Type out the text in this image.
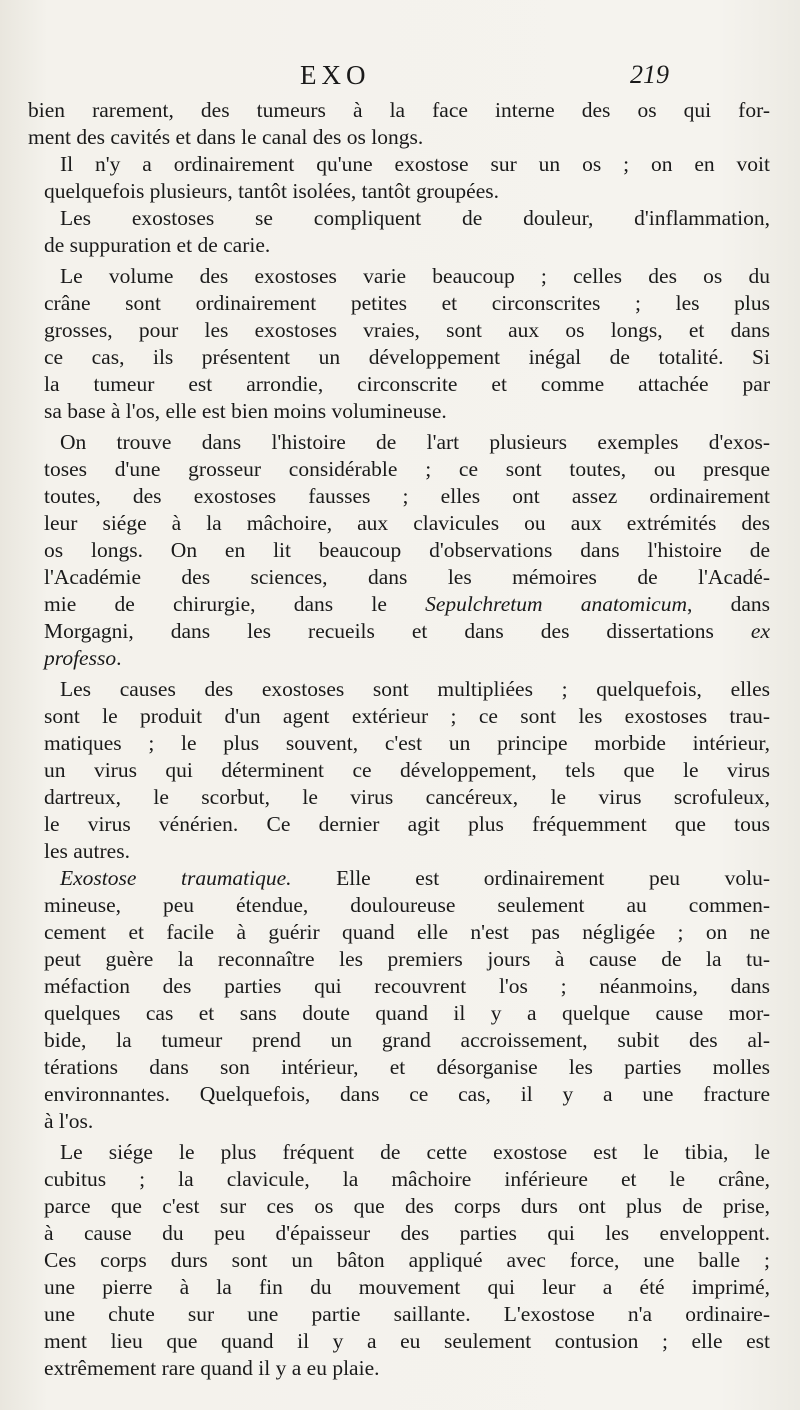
EXO	219

bien rarement, des tumeurs à la face interne des os qui for-
ment des cavités et dans le canal des os longs.

Il n'y a ordinairement qu'une exostose sur un os ; on en voit
quelquefois plusieurs, tantôt isolées, tantôt groupées.

Les exostoses se compliquent de douleur, d'inflammation,
de suppuration et de carie.

Le volume des exostoses varie beaucoup ; celles des os du
crâne sont ordinairement petites et circonscrites ; les plus
grosses, pour les exostoses vraies, sont aux os longs, et dans
ce cas, ils présentent un développement inégal de totalité. Si
la tumeur est arrondie, circonscrite et comme attachée par
sa base à l'os, elle est bien moins volumineuse.

On trouve dans l'histoire de l'art plusieurs exemples d'exos-
toses d'une grosseur considérable ; ce sont toutes, ou presque
toutes, des exostoses fausses ; elles ont assez ordinairement
leur siége à la mâchoire, aux clavicules ou aux extrémités des
os longs. On en lit beaucoup d'observations dans l'histoire de
l'Académie des sciences, dans les mémoires de l'Acadé-
mie de chirurgie, dans le Sepulchretum anatomicum, dans
Morgagni, dans les recueils et dans des dissertations ex
professo.

Les causes des exostoses sont multipliées ; quelquefois, elles
sont le produit d'un agent extérieur ; ce sont les exostoses trau-
matiques ; le plus souvent, c'est un principe morbide intérieur,
un virus qui déterminent ce développement, tels que le virus
dartreux, le scorbut, le virus cancéreux, le virus scrofuleux,
le virus vénérien. Ce dernier agit plus fréquemment que tous
les autres.

Exostose traumatique. Elle est ordinairement peu volu-
mineuse, peu étendue, douloureuse seulement au commen-
cement et facile à guérir quand elle n'est pas négligée ; on ne
peut guère la reconnaître les premiers jours à cause de la tu-
méfaction des parties qui recouvrent l'os ; néanmoins, dans
quelques cas et sans doute quand il y a quelque cause mor-
bide, la tumeur prend un grand accroissement, subit des al-
térations dans son intérieur, et désorganise les parties molles
environnantes. Quelquefois, dans ce cas, il y a une fracture
à l'os.

Le siége le plus fréquent de cette exostose est le tibia, le
cubitus ; la clavicule, la mâchoire inférieure et le crâne,
parce que c'est sur ces os que des corps durs ont plus de prise,
à cause du peu d'épaisseur des parties qui les enveloppent.
Ces corps durs sont un bâton appliqué avec force, une balle ;
une pierre à la fin du mouvement qui leur a été imprimé,
une chute sur une partie saillante. L'exostose n'a ordinaire-
ment lieu que quand il y a eu seulement contusion ; elle est
extrêmement rare quand il y a eu plaie.
